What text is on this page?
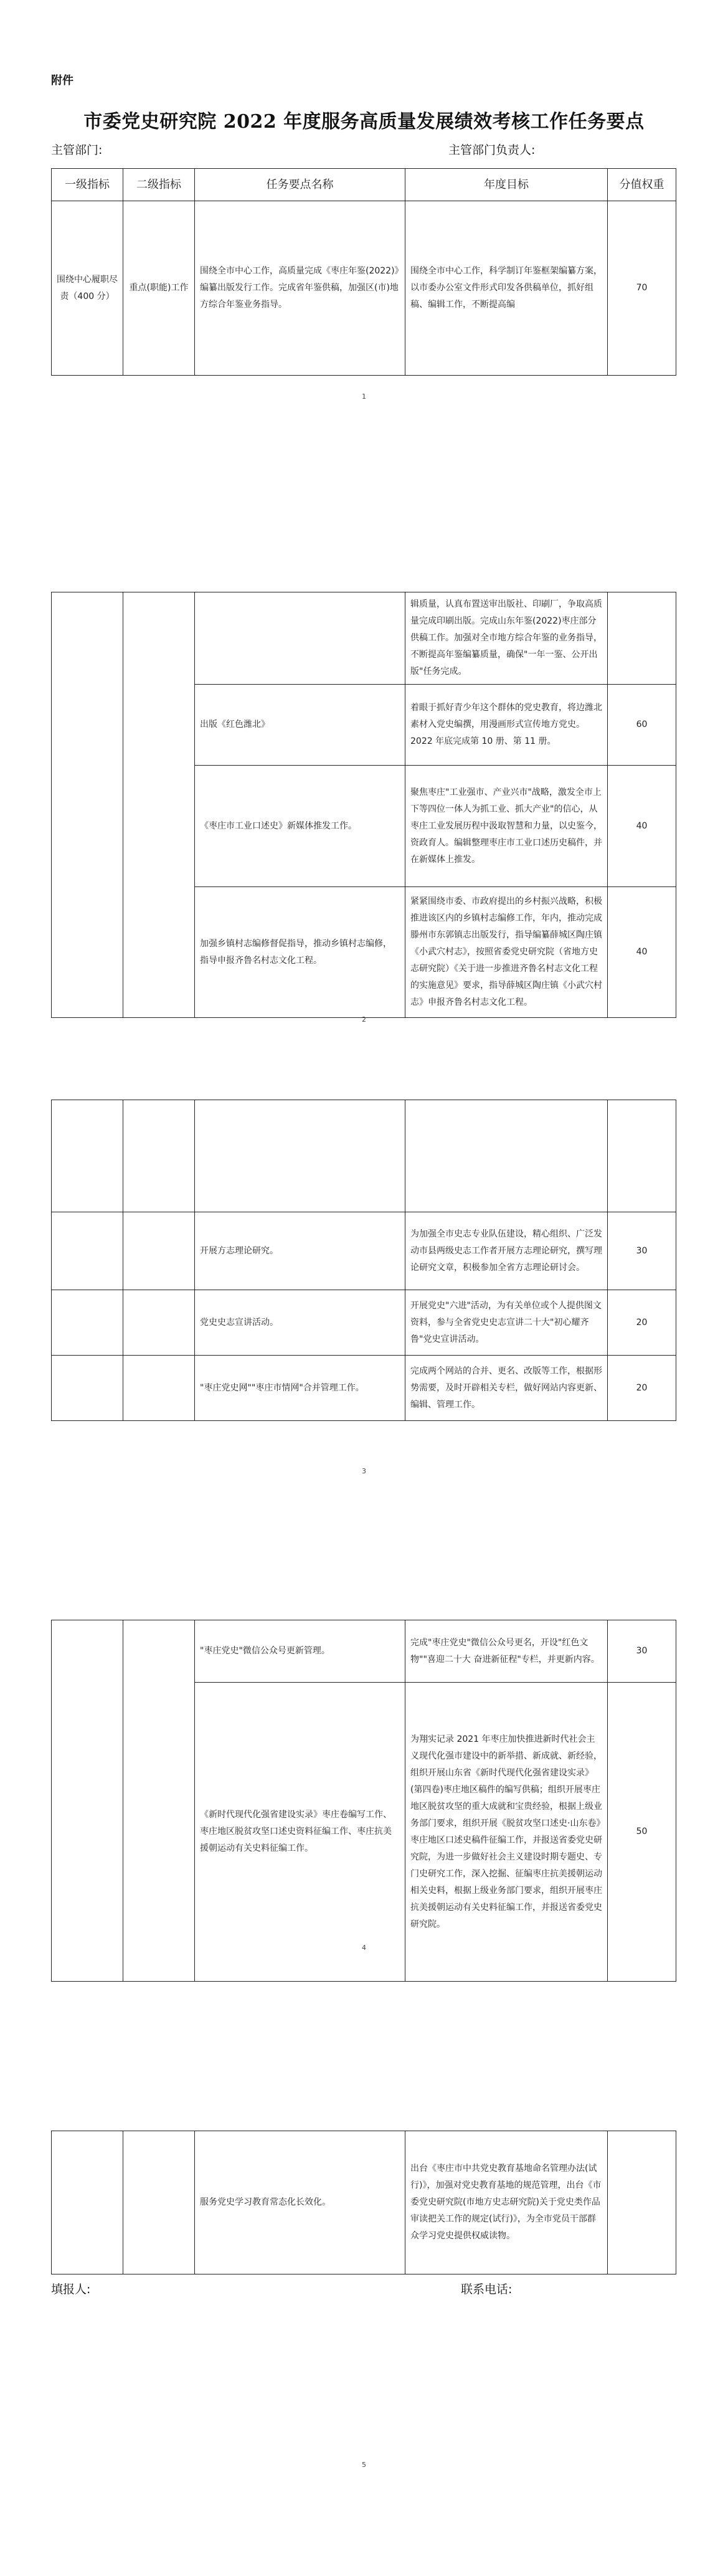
附件
市委党史研究院 2022 年度服务高质量发展绩效考核工作任务要点
主管部门:	主管部门负责人:
一级指标	二级指标	任务要点名称	年度目标	分值权重
围绕中心履职尽责（400 分）	重点(职能)工作	围绕全市中心工作，高质量完成《枣庄年鉴(2022)》编纂出版发行工作。完成省年鉴供稿，加强区(市)地方综合年鉴业务指导。	围绕全市中心工作，科学制订年鉴框架编纂方案，以市委办公室文件形式印发各供稿单位，抓好组稿、编辑工作，不断提高编	70
1
			辑质量，认真布置送审出版社、印刷厂，争取高质量完成印刷出版。完成山东年鉴(2022)枣庄部分供稿工作。加强对全市地方综合年鉴的业务指导，不断提高年鉴编纂质量，确保"一年一鉴、公开出版"任务完成。	
		出版《红色潍北》	着眼于抓好青少年这个群体的党史教育，将边潍北素材入党史编撰，用漫画形式宣传地方党史。2022 年底完成第 10 册、第 11 册。	60
		《枣庄市工业口述史》新媒体推发工作。	聚焦枣庄"工业强市、产业兴市"战略，激发全市上下等四位一体人为抓工业、抓大产业"的信心，从枣庄工业发展历程中汲取智慧和力量，以史鉴今，资政育人。编辑整理枣庄市工业口述历史稿件，并在新媒体上推发。	40
		加强乡镇村志编修督促指导，推动乡镇村志编修，指导申报齐鲁名村志文化工程。	紧紧围绕市委、市政府提出的乡村振兴战略，积极推进该区内的乡镇村志编修工作，年内，推动完成滕州市东郭镇志出版发行，指导编纂薛城区陶庄镇《小武穴村志》，按照省委党史研究院（省地方史志研究院）《关于进一步推进齐鲁名村志文化工程的实施意见》要求，指导薛城区陶庄镇《小武穴村志》申报齐鲁名村志文化工程。	40
2

		开展方志理论研究。	为加强全市史志专业队伍建设，精心组织、广泛发动市县两级史志工作者开展方志理论研究，撰写理论研究文章，积极参加全省方志理论研讨会。	30
		党史史志宣讲活动。	开展党史"六进"活动，为有关单位或个人提供图文资料，参与全省党史史志宣讲二十大"初心耀齐鲁"党史宣讲活动。	20
		"枣庄党史网""枣庄市情网"合并管理工作。	完成两个网站的合并、更名、改版等工作，根据形势需要，及时开辟相关专栏，做好网站内容更新、编辑、管理工作。	20
3
		"枣庄党史"微信公众号更新管理。	完成"枣庄党史"微信公众号更名，开设"红色文物""喜迎二十大 奋进新征程"专栏，并更新内容。	30
		《新时代现代化强省建设实录》枣庄卷编写工作、枣庄地区脱贫攻坚口述史资料征编工作、枣庄抗美援朝运动有关史料征编工作。	为翔实记录 2021 年枣庄加快推进新时代社会主义现代化强市建设中的新举措、新成就、新经验，组织开展山东省《新时代现代化强省建设实录》(第四卷)枣庄地区稿件的编写供稿；组织开展枣庄地区脱贫攻坚的重大成就和宝贵经验，根据上级业务部门要求，组织开展《脱贫攻坚口述史·山东卷》枣庄地区口述史稿件征编工作，并报送省委党史研究院，为进一步做好社会主义建设时期专题史、专门史研究工作，深入挖掘、征编枣庄抗美援朝运动相关史料，根据上级业务部门要求，组织开展枣庄抗美援朝运动有关史料征编工作，并报送省委党史研究院。	50
4
		服务党史学习教育常态化长效化。	出台《枣庄市中共党史教育基地命名管理办法(试行)》，加强对党史教育基地的规范管理，出台《市委党史研究院(市地方史志研究院)关于党史类作品审读把关工作的规定(试行)》，为全市党员干部群众学习党史提供权威读物。	
填报人:	联系电话:
5
